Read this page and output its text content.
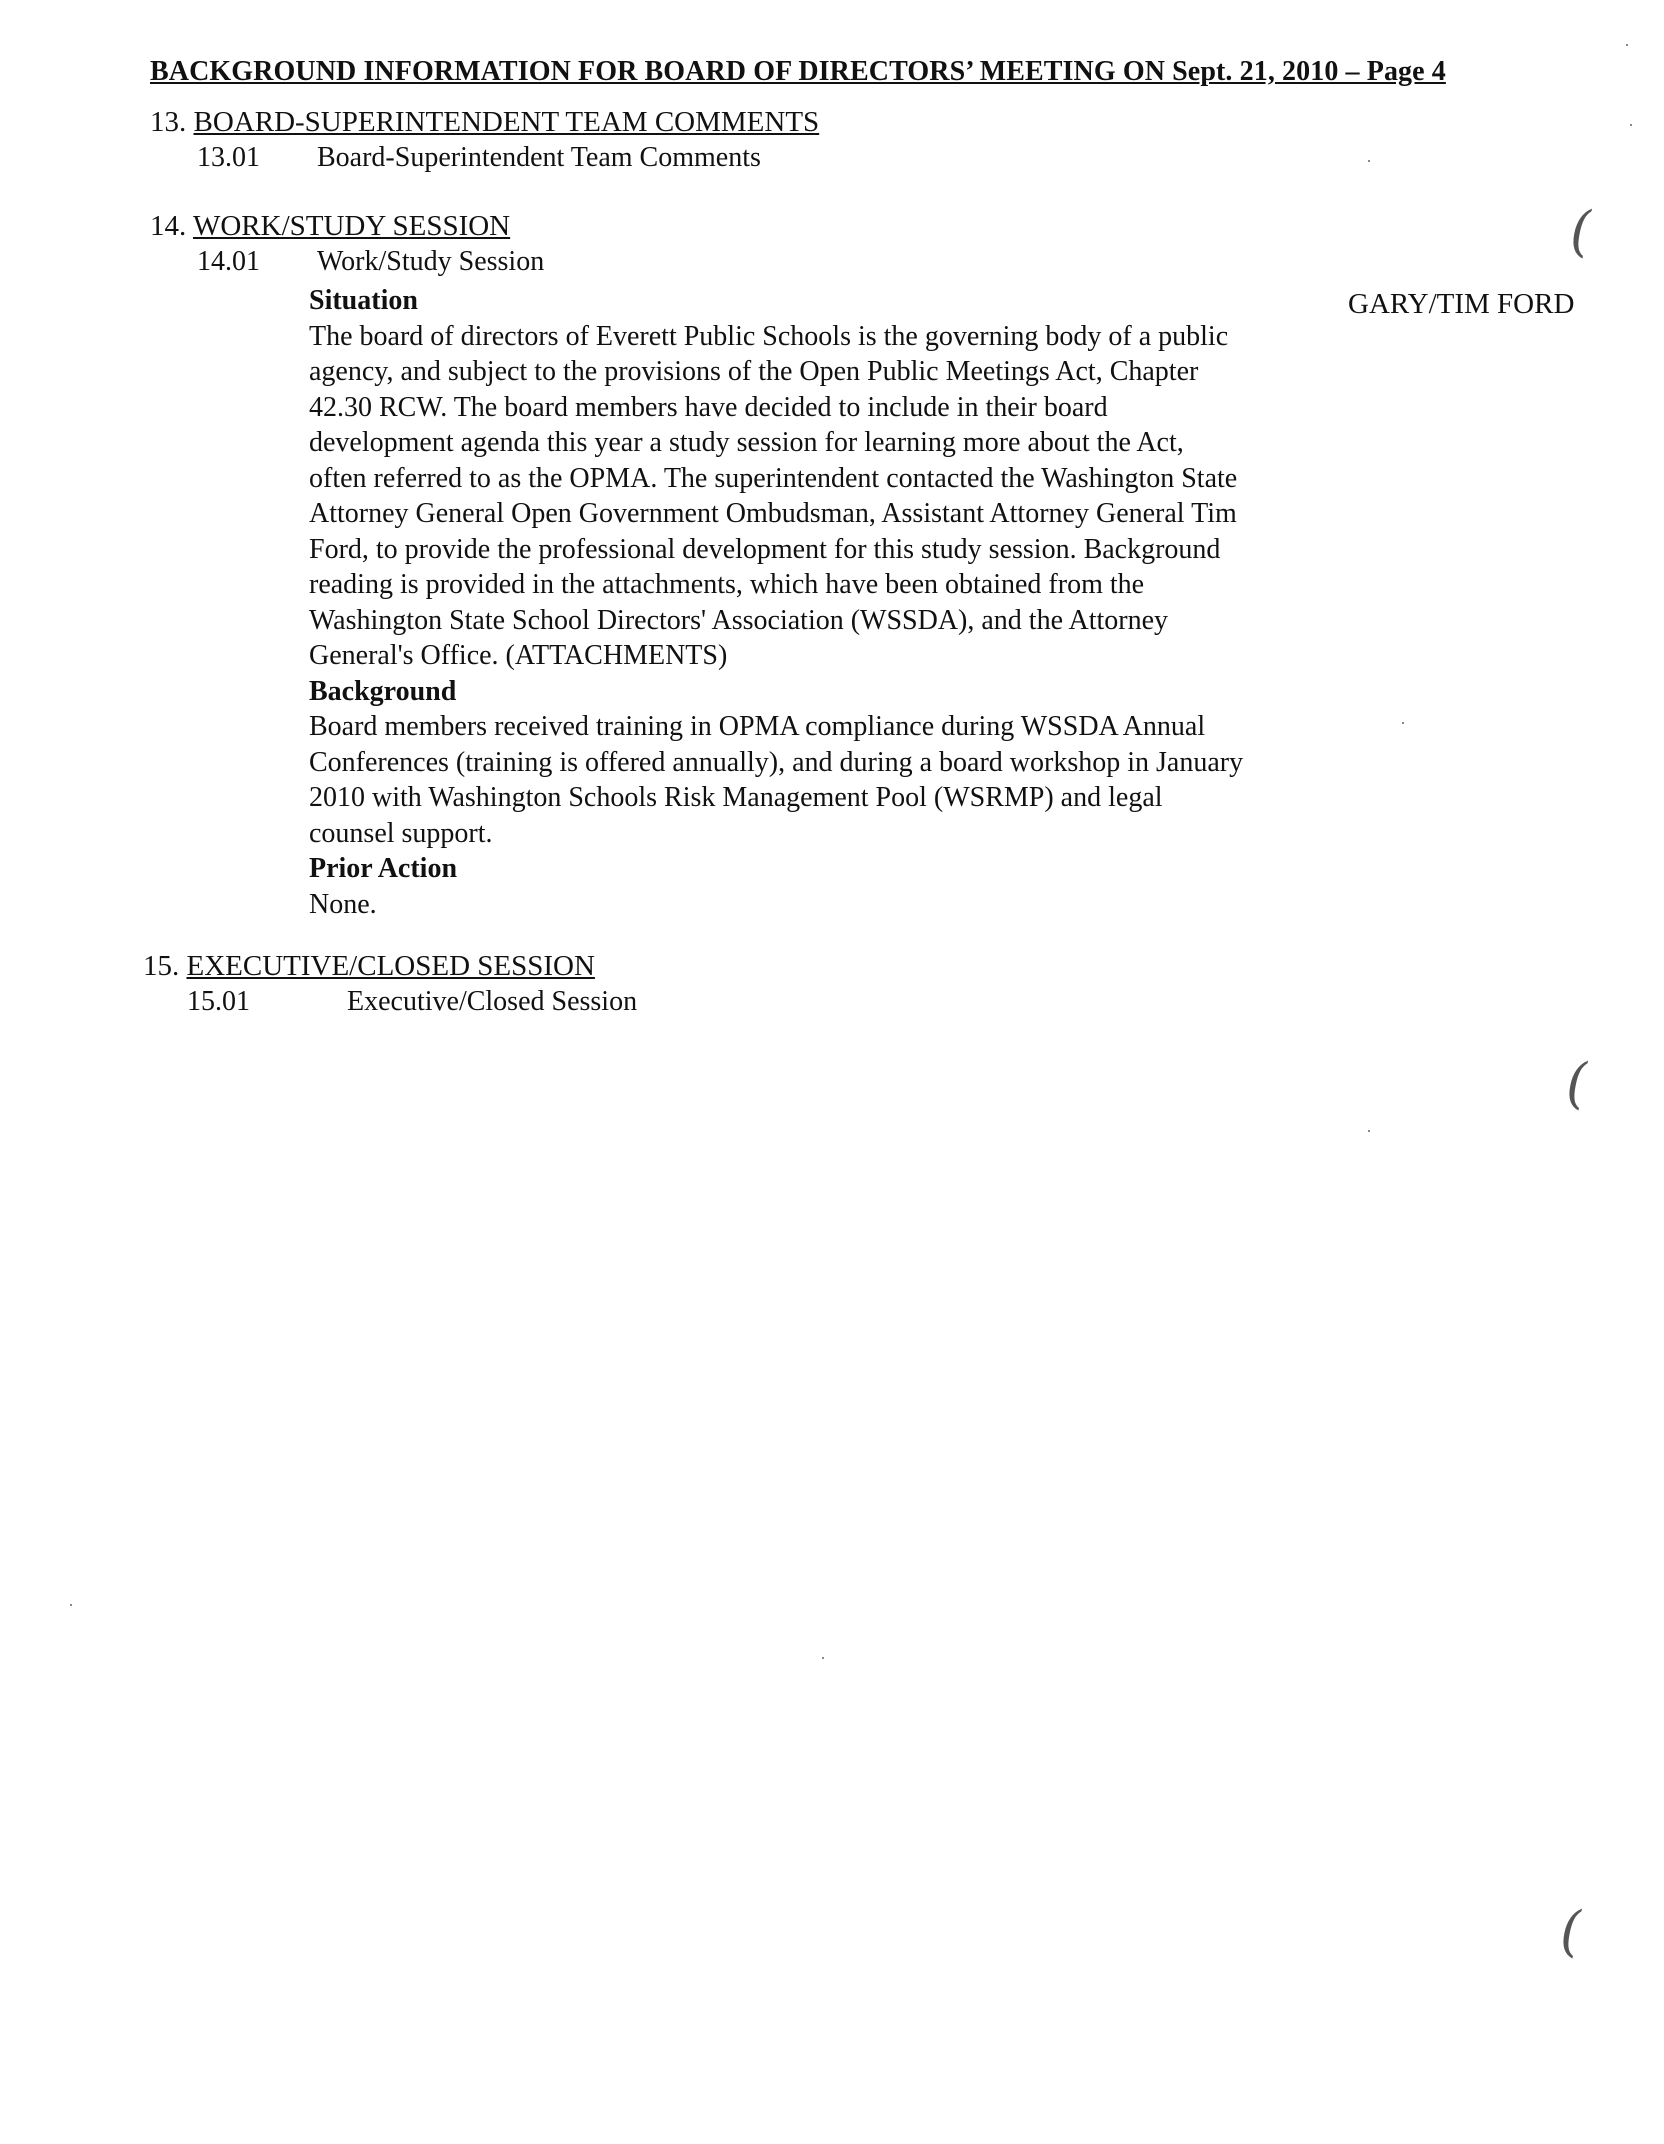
BACKGROUND INFORMATION FOR BOARD OF DIRECTORS’ MEETING ON Sept. 21, 2010 – Page 4
13. BOARD-SUPERINTENDENT TEAM COMMENTS
13.01 Board-Superintendent Team Comments
14. WORK/STUDY SESSION
14.01 Work/Study Session
GARY/TIM FORD
Situation
The board of directors of Everett Public Schools is the governing body of a public
agency, and subject to the provisions of the Open Public Meetings Act, Chapter
42.30 RCW. The board members have decided to include in their board
development agenda this year a study session for learning more about the Act,
often referred to as the OPMA. The superintendent contacted the Washington State
Attorney General Open Government Ombudsman, Assistant Attorney General Tim
Ford, to provide the professional development for this study session. Background
reading is provided in the attachments, which have been obtained from the
Washington State School Directors' Association (WSSDA), and the Attorney
General's Office. (ATTACHMENTS)
Background
Board members received training in OPMA compliance during WSSDA Annual
Conferences (training is offered annually), and during a board workshop in January
2010 with Washington Schools Risk Management Pool (WSRMP) and legal
counsel support.
Prior Action
None.
15. EXECUTIVE/CLOSED SESSION
15.01	Executive/Closed Session
(
(
(
